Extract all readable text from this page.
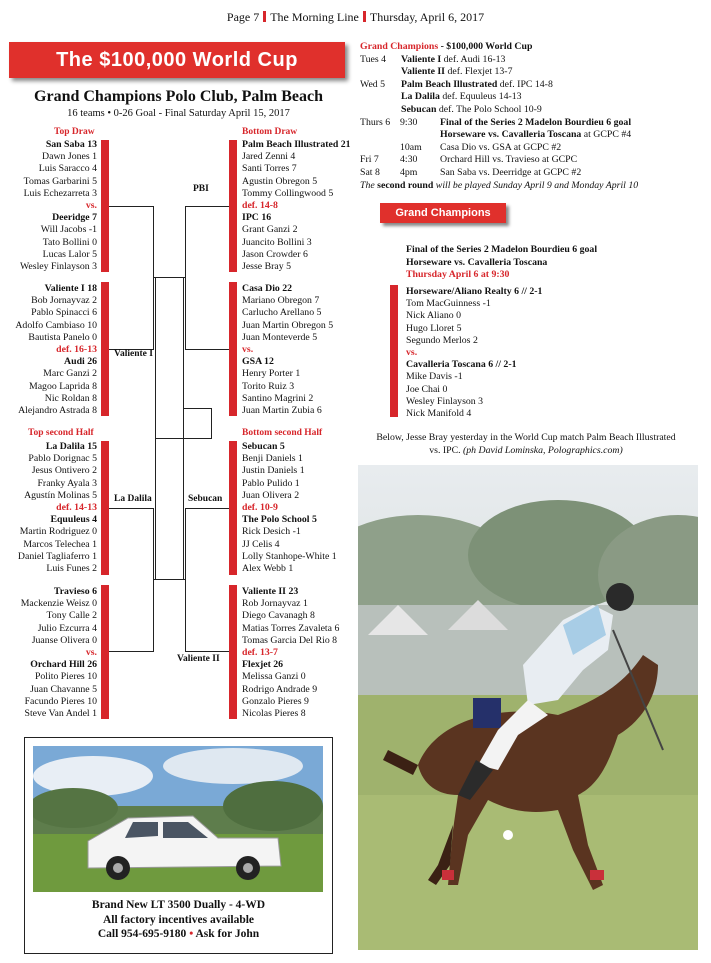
Page 7 The Morning Line Thursday, April 6, 2017
The $100,000 World Cup
Grand Champions Polo Club, Palm Beach
16 teams • 0-26 Goal - Final Saturday April 15, 2017
Top Draw	Bottom Draw
Top second Half	Bottom second Half
PBI
Valiente I
La Dalila	Sebucan
Valiente II
San Saba 13
Dawn Jones 1
Luis Saracco 4
Tomas Garbarini 5
Luis Echezarreta 3
vs.
Deeridge 7
Will Jacobs -1
Tato Bollini 0
Lucas Lalor 5
Wesley Finlayson 3
Valiente I 18
Bob Jornayvaz 2
Pablo Spinacci 6
Adolfo Cambiaso 10
Bautista Panelo 0
def. 16-13
Audi 26
Marc Ganzi 2
Magoo Laprida 8
Nic Roldan 8
Alejandro Astrada 8
La Dalila 15
Pablo Dorignac 5
Jesus Ontivero 2
Franky Ayala 3
Agustín Molinas 5
def. 14-13
Equuleus 4
Martin Rodriguez 0
Marcos Telechea 1
Daniel Tagliaferro 1
Luis Funes 2
Travieso 6
Mackenzie Weisz 0
Tony Calle 2
Julio Ezcurra 4
Juanse Olivera 0
vs.
Orchard Hill 26
Polito Pieres 10
Juan Chavanne 5
Facundo Pieres 10
Steve Van Andel 1
Palm Beach Illustrated 21
Jared Zenni 4
Santi Torres 7
Agustin Obregon 5
Tommy Collingwood 5
def. 14-8
IPC 16
Grant Ganzi 2
Juancito Bollini 3
Jason Crowder 6
Jesse Bray 5
Casa Dio 22
Mariano Obregon 7
Carlucho Arellano 5
Juan Martin Obregon 5
Juan Monteverde 5
vs.
GSA 12
Henry Porter 1
Torito Ruiz 3
Santino Magrini 2
Juan Martin Zubia 6
Sebucan 5
Benji Daniels 1
Justin Daniels 1
Pablo Pulido 1
Juan Olivera 2
def. 10-9
The Polo School 5
Rick Desich -1
JJ Celis 4
Lolly Stanhope-White 1
Alex Webb 1
Valiente II 23
Rob Jornayvaz 1
Diego Cavanagh 8
Matias Torres Zavaleta 6
Tomas Garcia Del Rio 8
def. 13-7
Flexjet 26
Melissa Ganzi 0
Rodrigo Andrade 9
Gonzalo Pieres 9
Nicolas Pieres 8
Grand Champions - $100,000 World Cup
Tues 4 Valiente I def. Audi 16-13
Valiente II def. Flexjet 13-7
Wed 5 Palm Beach Illustrated def. IPC 14-8
La Dalila def. Equuleus 14-13
Sebucan def. The Polo School 10-9
Thurs 6 9:30 Final of the Series 2 Madelon Bourdieu 6 goal
Horseware vs. Cavalleria Toscana at GCPC #4
10am Casa Dio vs. GSA at GCPC #2
Fri 7 4:30 Orchard Hill vs. Travieso at GCPC
Sat 8 4pm San Saba vs. Deerridge at GCPC #2
The second round will be played Sunday April 9 and Monday April 10
Grand Champions
Final of the Series 2 Madelon Bourdieu 6 goal
Horseware vs. Cavalleria Toscana
Thursday April 6 at 9:30
Horseware/Aliano Realty 6 // 2-1
Tom MacGuinness -1
Nick Aliano 0
Hugo Lloret 5
Segundo Merlos 2
vs.
Cavalleria Toscana 6 // 2-1
Mike Davis -1
Joe Chai 0
Wesley Finlayson 3
Nick Manifold 4
Below, Jesse Bray yesterday in the World Cup match Palm Beach Illustrated vs. IPC. (ph David Lominska, Polographics.com)
Brand New LT 3500 Dually - 4-WD
All factory incentives available
Call 954-695-9180 • Ask for John
